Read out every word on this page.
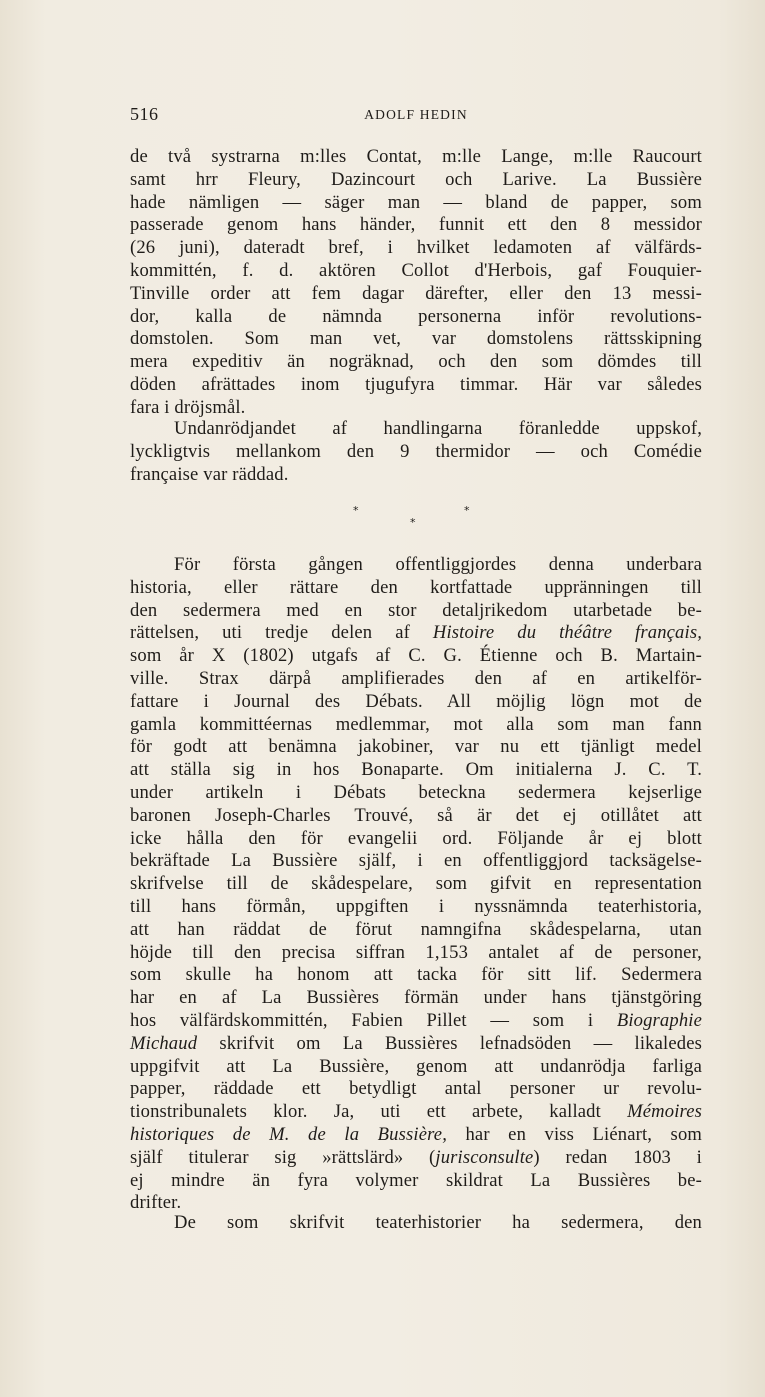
516	ADOLF HEDIN
de två systrarna m:lles Contat, m:lle Lange, m:lle Raucourt
samt hrr Fleury, Dazincourt och Larive. La Bussière
hade nämligen — säger man — bland de papper, som
passerade genom hans händer, funnit ett den 8 messidor
(26 juni), dateradt bref, i hvilket ledamoten af välfärds-
kommittén, f. d. aktören Collot d'Herbois, gaf Fouquier-
Tinville order att fem dagar därefter, eller den 13 messi-
dor, kalla de nämnda personerna inför revolutions-
domstolen. Som man vet, var domstolens rättsskipning
mera expeditiv än nogräknad, och den som dömdes till
döden afrättades inom tjugufyra timmar. Här var således
fara i dröjsmål.
Undanrödjandet af handlingarna föranledde uppskof,
lyckligtvis mellankom den 9 thermidor — och Comédie
française var räddad.
*	*
*
För första gången offentliggjordes denna underbara
historia, eller rättare den kortfattade uppränningen till
den sedermera med en stor detaljrikedom utarbetade be-
rättelsen, uti tredje delen af Histoire du théâtre français,
som år X (1802) utgafs af C. G. Étienne och B. Martain-
ville. Strax därpå amplifierades den af en artikelför-
fattare i Journal des Débats. All möjlig lögn mot de
gamla kommittéernas medlemmar, mot alla som man fann
för godt att benämna jakobiner, var nu ett tjänligt medel
att ställa sig in hos Bonaparte. Om initialerna J. C. T.
under artikeln i Débats beteckna sedermera kejserlige
baronen Joseph-Charles Trouvé, så är det ej otillåtet att
icke hålla den för evangelii ord. Följande år ej blott
bekräftade La Bussière själf, i en offentliggjord tacksägelse-
skrifvelse till de skådespelare, som gifvit en representation
till hans förmån, uppgiften i nyssnämnda teaterhistoria,
att han räddat de förut namngifna skådespelarna, utan
höjde till den precisa siffran 1,153 antalet af de personer,
som skulle ha honom att tacka för sitt lif. Sedermera
har en af La Bussières förmän under hans tjänstgöring
hos välfärdskommittén, Fabien Pillet — som i Biographie
Michaud skrifvit om La Bussières lefnadsöden — likaledes
uppgifvit att La Bussière, genom att undanrödja farliga
papper, räddade ett betydligt antal personer ur revolu-
tionstribunalets klor. Ja, uti ett arbete, kalladt Mémoires
historiques de M. de la Bussière, har en viss Liénart, som
själf titulerar sig »rättslärd» (jurisconsulte) redan 1803 i
ej mindre än fyra volymer skildrat La Bussières be-
drifter.
De som skrifvit teaterhistorier ha sedermera, den
